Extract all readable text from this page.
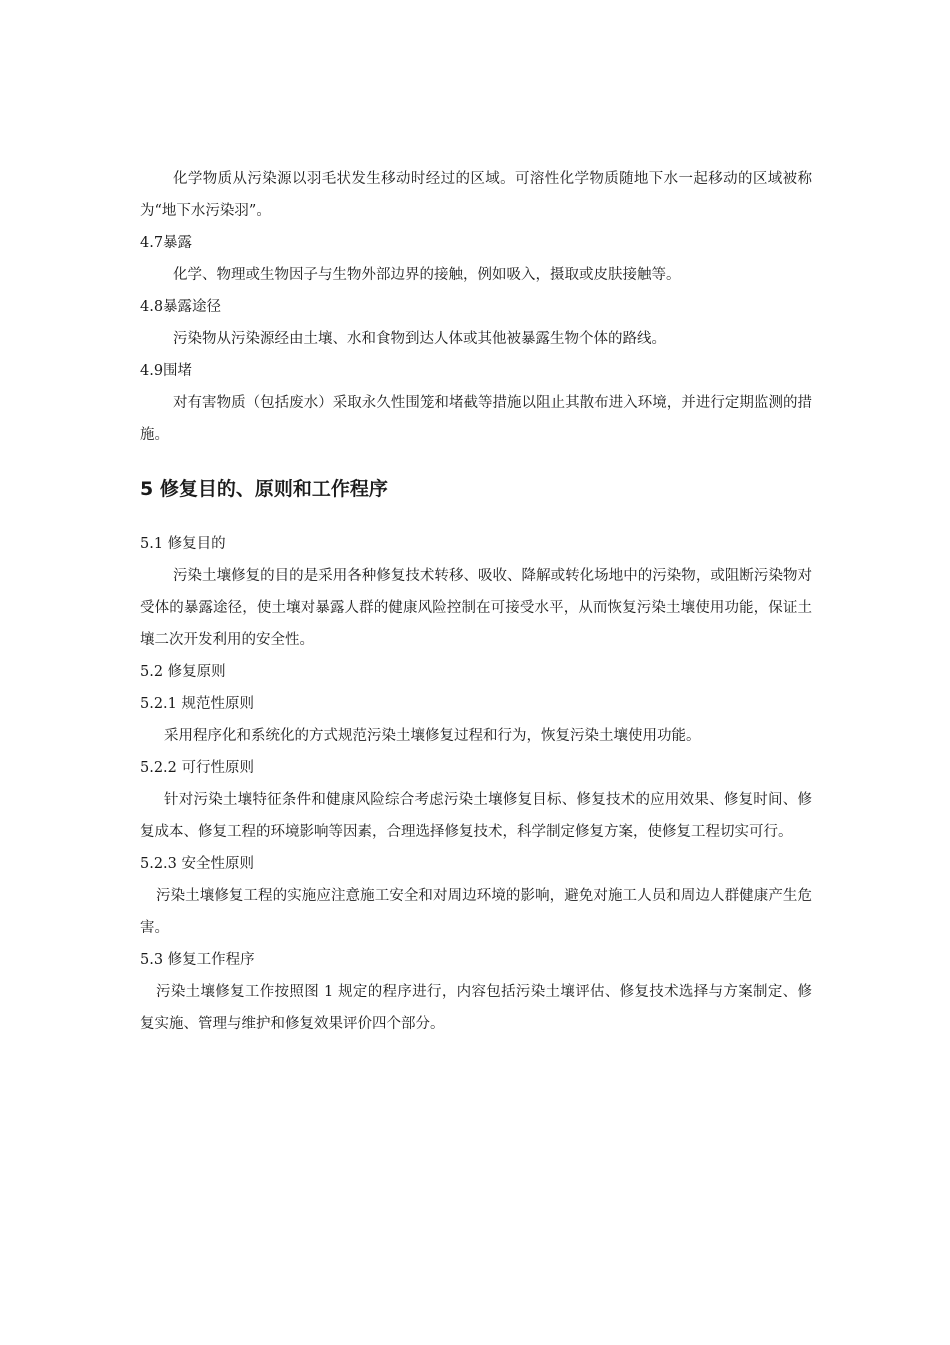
化学物质从污染源以羽毛状发生移动时经过的区域。可溶性化学物质随地下水一起移动的区域被称为“地下水污染羽”。

4.7暴露

化学、物理或生物因子与生物外部边界的接触，例如吸入，摄取或皮肤接触等。

4.8暴露途径

污染物从污染源经由土壤、水和食物到达人体或其他被暴露生物个体的路线。

4.9围堵

对有害物质（包括废水）采取永久性围笼和堵截等措施以阻止其散布进入环境，并进行定期监测的措施。

5 修复目的、原则和工作程序

5.1 修复目的

污染土壤修复的目的是采用各种修复技术转移、吸收、降解或转化场地中的污染物，或阻断污染物对受体的暴露途径，使土壤对暴露人群的健康风险控制在可接受水平，从而恢复污染土壤使用功能，保证土壤二次开发利用的安全性。

5.2 修复原则

5.2.1 规范性原则

采用程序化和系统化的方式规范污染土壤修复过程和行为，恢复污染土壤使用功能。

5.2.2 可行性原则

针对污染土壤特征条件和健康风险综合考虑污染土壤修复目标、修复技术的应用效果、修复时间、修复成本、修复工程的环境影响等因素，合理选择修复技术，科学制定修复方案，使修复工程切实可行。

5.2.3 安全性原则

污染土壤修复工程的实施应注意施工安全和对周边环境的影响，避免对施工人员和周边人群健康产生危害。

5.3 修复工作程序

污染土壤修复工作按照图 1 规定的程序进行，内容包括污染土壤评估、修复技术选择与方案制定、修复实施、管理与维护和修复效果评价四个部分。
